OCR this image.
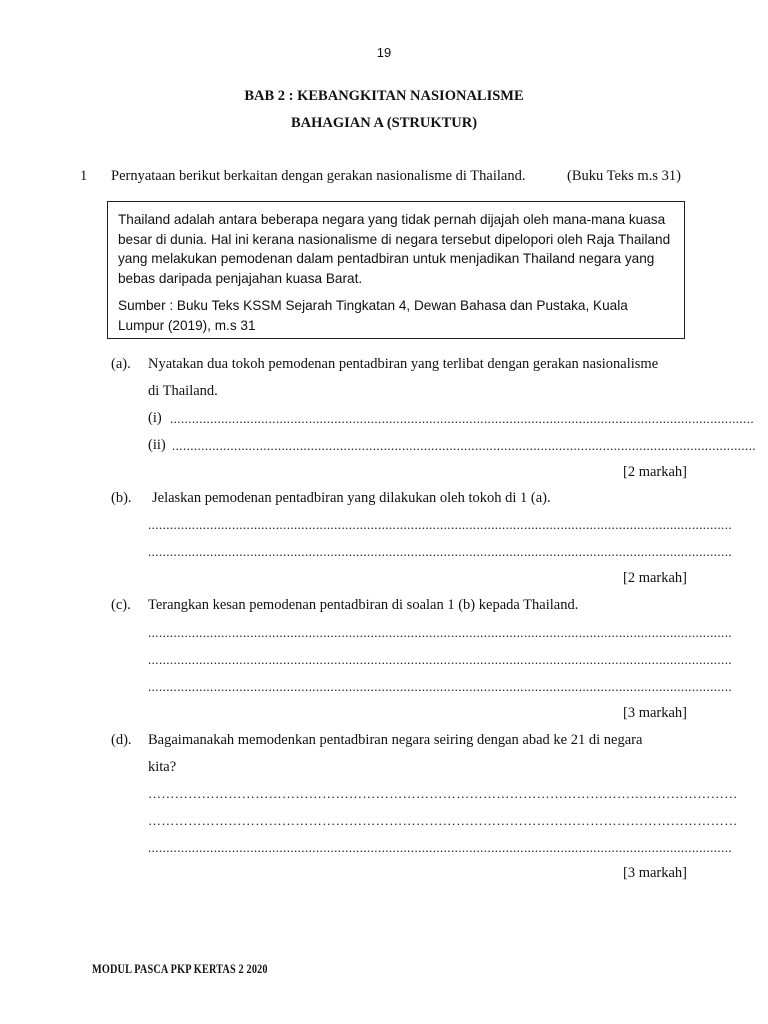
19
BAB 2 : KEBANGKITAN NASIONALISME
BAHAGIAN A (STRUKTUR)
1 Pernyataan berikut berkaitan dengan gerakan nasionalisme di Thailand.	(Buku Teks m.s 31)

Thailand adalah antara beberapa negara yang tidak pernah dijajah oleh mana-mana kuasa besar di dunia. Hal ini kerana nasionalisme di negara tersebut dipelopori oleh Raja Thailand yang melakukan pemodenan dalam pentadbiran untuk menjadikan Thailand negara yang bebas daripada penjajahan kuasa Barat.

Sumber : Buku Teks KSSM Sejarah Tingkatan 4, Dewan Bahasa dan Pustaka, Kuala Lumpur (2019), m.s 31

(a). Nyatakan dua tokoh pemodenan pentadbiran yang terlibat dengan gerakan nasionalisme
di Thailand.
(i) ................................................................................................................................................................
(ii) ................................................................................................................................................................
[2 markah]
(b). Jelaskan pemodenan pentadbiran yang dilakukan oleh tokoh di 1 (a).
................................................................................................................................................................
................................................................................................................................................................
[2 markah]
(c). Terangkan kesan pemodenan pentadbiran di soalan 1 (b) kepada Thailand.
................................................................................................................................................................
................................................................................................................................................................
................................................................................................................................................................
[3 markah]
(d). Bagaimanakah memodenkan pentadbiran negara seiring dengan abad ke 21 di negara
kita?
……………………………………………………………………………………………………………………
……………………………………………………………………………………………………………………
................................................................................................................................................................
[3 markah]
MODUL PASCA PKP KERTAS 2 2020
